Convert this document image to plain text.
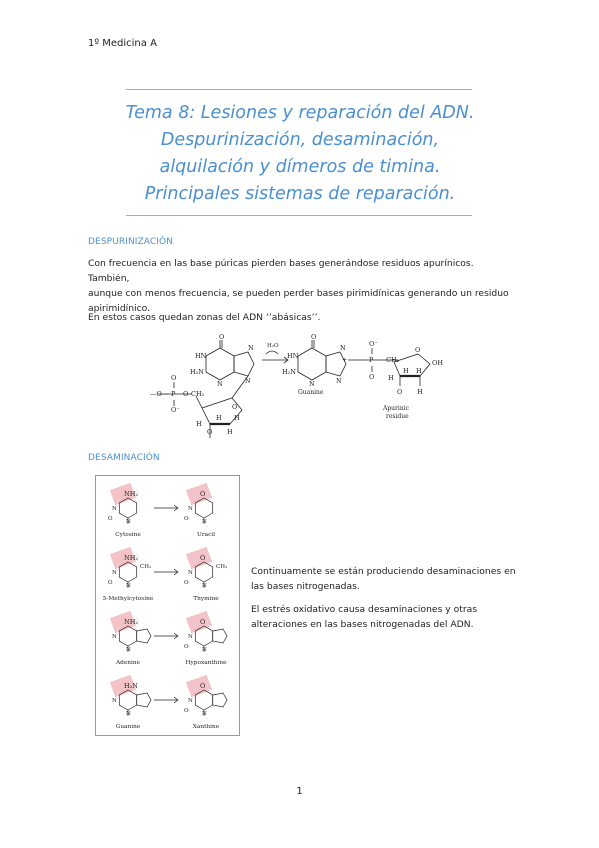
1º Medicina A
Tema 8: Lesiones y reparación del ADN.
Despurinización, desaminación,
alquilación y dímeros de timina.
Principales sistemas de reparación.
DESPURINIZACIÓN
Con frecuencia en las base púricas pierden bases generándose residuos apurínicos. También,
aunque con menos frecuencia, se pueden perder bases pirimidínicas generando un residuo
apirimidínico.
En estos casos quedan zonas del ADN ‘’abásicas’’.
O
HN
H₂N
N
N
N
—O—
O
P
O⁻
O CH₂
O
H
H H
H
O
H₂O
O
HN
H₂N
N
N
N
Guanine
+
O⁻
P
O
CH₂
O
OH
H
H H
O H
Apurinic
residue
DESAMINACIÓN
NH₂
N
O N
O
N
O N
Cytosine	Uracil
NH₂
N
O
CH₃
N
O
N
O
CH₃
N
5-Methylcytosine	Thymine
NH₂
N
N
O
N
O N
Adenine	Hypoxanthine
H₂N
N
N
O
N
O N
Guanine	Xanthine

Continuamente se están produciendo desaminaciones en
las bases nitrogenadas.

El estrés oxidativo causa desaminaciones y otras
alteraciones en las bases nitrogenadas del ADN.

1
